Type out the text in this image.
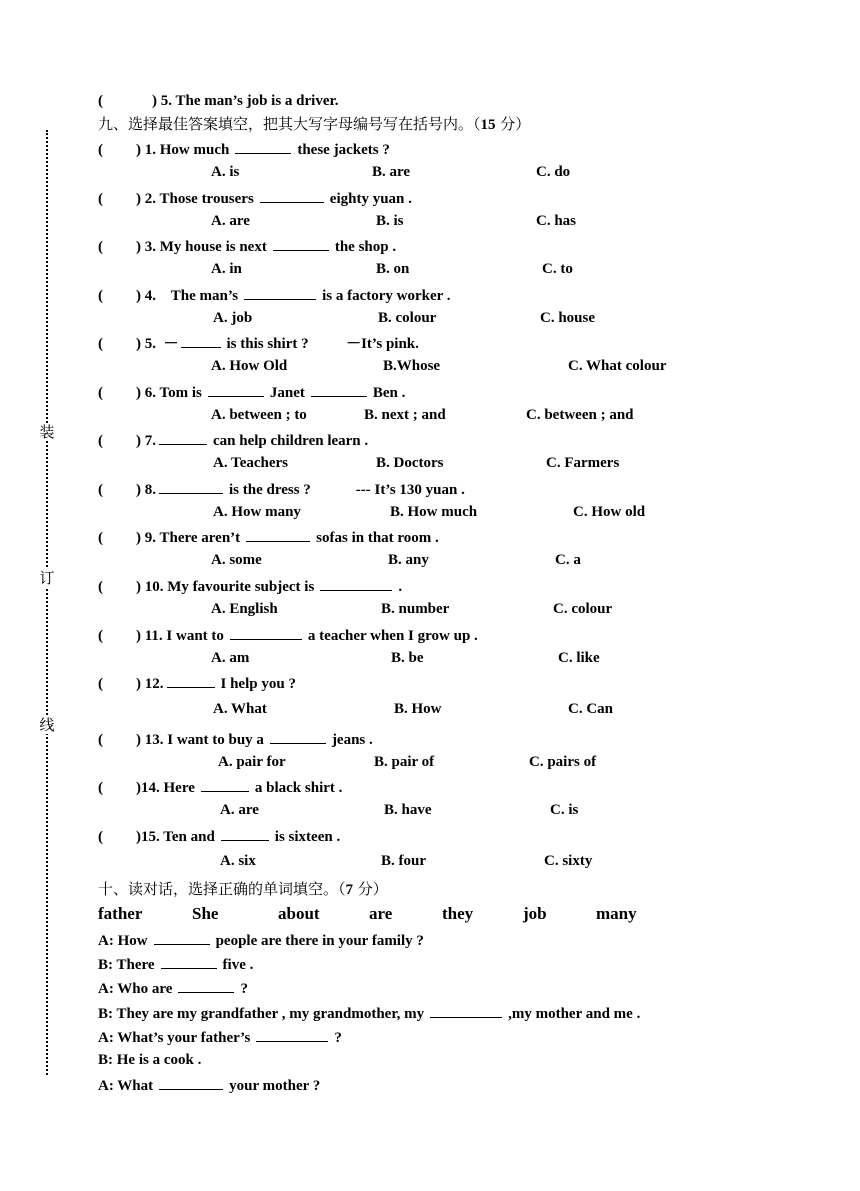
装
订
线
(	) 5. The man’s job is a driver.
九、选择最佳答案填空，把其大写字母编号写在括号内。（15 分）
( ) 1. How much	these jackets ?
A. is	B. are	C. do
( ) 2. Those trousers	eighty yuan .
A. are	B. is	C. has
( ) 3. My house is next	the shop .
A. in	B. on	C. to
( ) 4.    The man’s	is a factory worker .
A. job	B. colour	C. house
( ) 5.  －	is this shirt ?          －It’s pink.
A. How Old	B.Whose	C. What colour
( ) 6. Tom is	Janet	Ben .
A. between ; to	B. next ; and	C. between ; and
( ) 7.	can help children learn .
A. Teachers	B. Doctors	C. Farmers
( ) 8.	is the dress ?            --- It’s 130 yuan .
A. How many	B. How much	C. How old
( ) 9. There aren’t	sofas in that room .
A. some	B. any	C. a
( ) 10. My favourite subject is	.
A. English	B. number	C. colour
( ) 11. I want to	a teacher when I grow up .
A. am	B. be	C. like
( ) 12.	I help you ?
A. What	B. How	C. Can
( ) 13. I want to buy a	jeans .
A. pair for	B. pair of	C. pairs of
( )14. Here	a black shirt .
A. are	B. have	C. is
( )15. Ten and	is sixteen .
A. six	B. four	C. sixty
十、读对话，选择正确的单词填空。（7 分）
father	She	about	are	they	job	many
A: How	people are there in your family ?
B: There	five .
A: Who are	?
B: They are my grandfather , my grandmother, my	,my mother and me .
A: What’s your father’s	?
B: He is a cook .
A: What	your mother ?
